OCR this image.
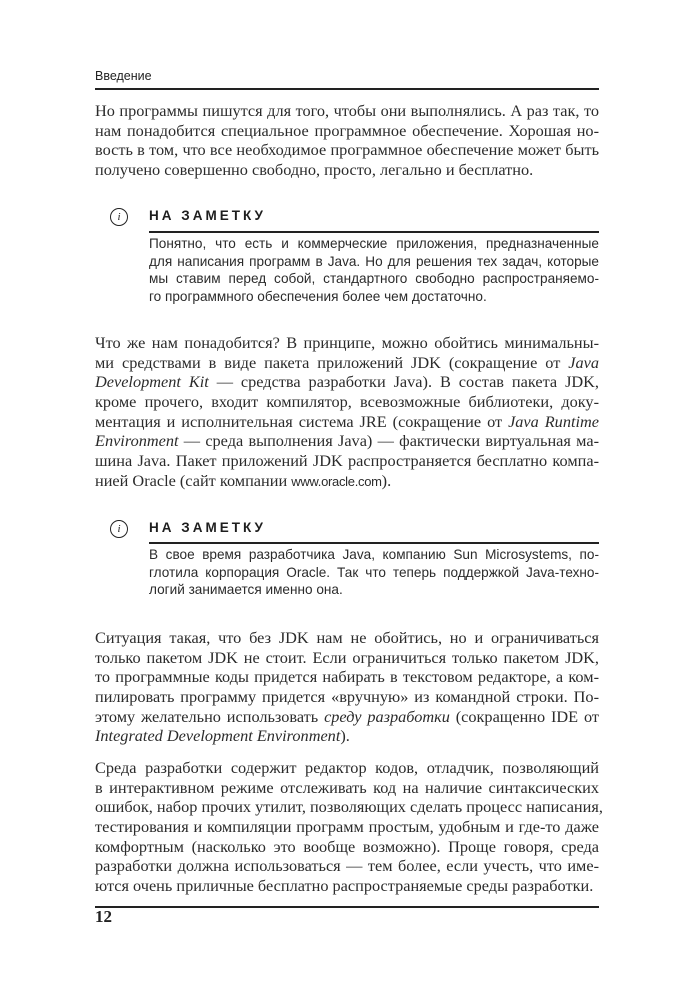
Введение
Но программы пишутся для того, чтобы они выполнялись. А раз так, то
нам понадобится специальное программное обеспечение. Хорошая но-
вость в том, что все необходимое программное обеспечение может быть
получено совершенно свободно, просто, легально и бесплатно.
i	НА ЗАМЕТКУ
Понятно, что есть и коммерческие приложения, предназначенные
для написания программ в Java. Но для решения тех задач, которые
мы ставим перед собой, стандартного свободно распространяемо-
го программного обеспечения более чем достаточно.
Что же нам понадобится? В принципе, можно обойтись минимальны-
ми средствами в виде пакета приложений JDK (сокращение от Java
Development Kit — средства разработки Java). В состав пакета JDK,
кроме прочего, входит компилятор, всевозможные библиотеки, доку-
ментация и исполнительная система JRE (сокращение от Java Runtime
Environment — среда выполнения Java) — фактически виртуальная ма-
шина Java. Пакет приложений JDK распространяется бесплатно компа-
нией Oracle (сайт компании www.oracle.com).
i	НА ЗАМЕТКУ
В свое время разработчика Java, компанию Sun Microsystems, по-
глотила корпорация Oracle. Так что теперь поддержкой Java-техно-
логий занимается именно она.
Ситуация такая, что без JDK нам не обойтись, но и ограничиваться
только пакетом JDK не стоит. Если ограничиться только пакетом JDK,
то программные коды придется набирать в текстовом редакторе, а ком-
пилировать программу придется «вручную» из командной строки. По-
этому желательно использовать среду разработки (сокращенно IDE от
Integrated Development Environment).
Среда разработки содержит редактор кодов, отладчик, позволяющий
в интерактивном режиме отслеживать код на наличие синтаксических
ошибок, набор прочих утилит, позволяющих сделать процесс написания,
тестирования и компиляции программ простым, удобным и где-то даже
комфортным (насколько это вообще возможно). Проще говоря, среда
разработки должна использоваться — тем более, если учесть, что име-
ются очень приличные бесплатно распространяемые среды разработки.
12
